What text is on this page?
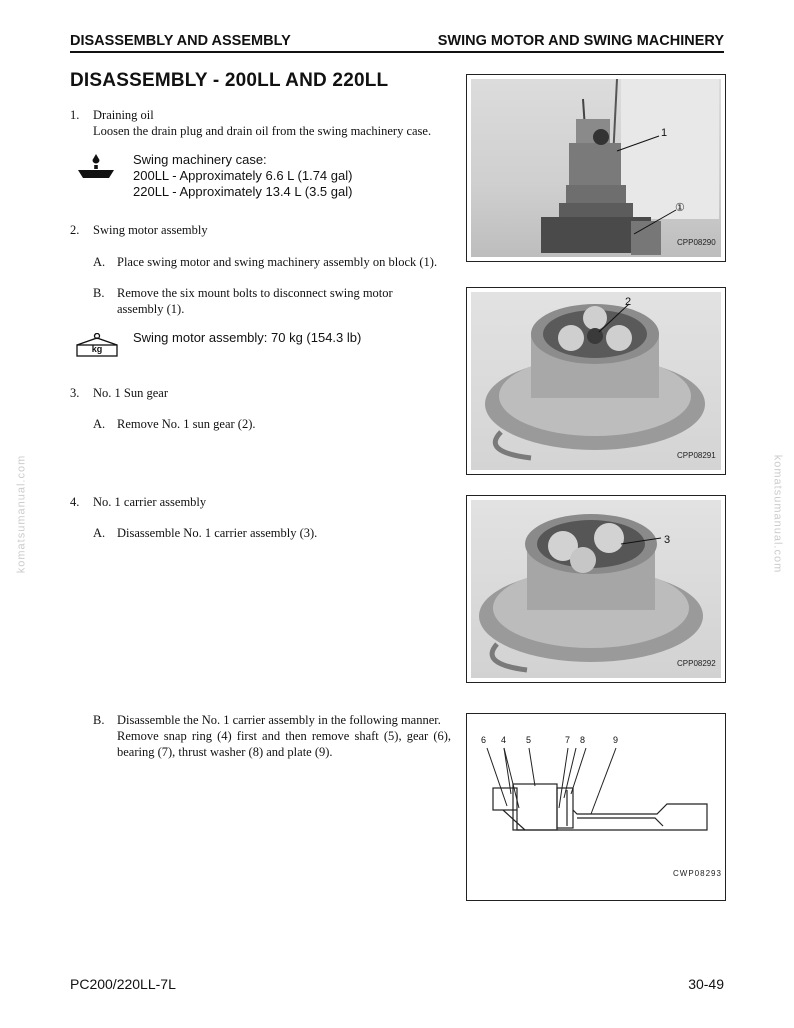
DISASSEMBLY AND ASSEMBLY	SWING MOTOR AND SWING MACHINERY
DISASSEMBLY - 200LL AND 220LL
1. Draining oil
Loosen the drain plug and drain oil from the swing machinery case.
Swing machinery case:
200LL - Approximately 6.6 L (1.74 gal)
220LL - Approximately 13.4 L (3.5 gal)
2. Swing motor assembly
A. Place swing motor and swing machinery assembly on block (1).
B. Remove the six mount bolts to disconnect swing motor
assembly (1).
kg
Swing motor assembly: 70 kg (154.3 lb)
3. No. 1 Sun gear
A. Remove No. 1 sun gear (2).
4. No. 1 carrier assembly
A. Disassemble No. 1 carrier assembly (3).
B. Disassemble the No. 1 carrier assembly in the following manner.
Remove snap ring (4) first and then remove shaft (5), gear (6),
bearing (7), thrust washer (8) and plate (9).
1
①
CPP08290
2
CPP08291
3
CPP08292
6 4 5	7 8	9
CWP08293
komatsumanual.com	komatsumanual.com
PC200/220LL-7L	30-49
